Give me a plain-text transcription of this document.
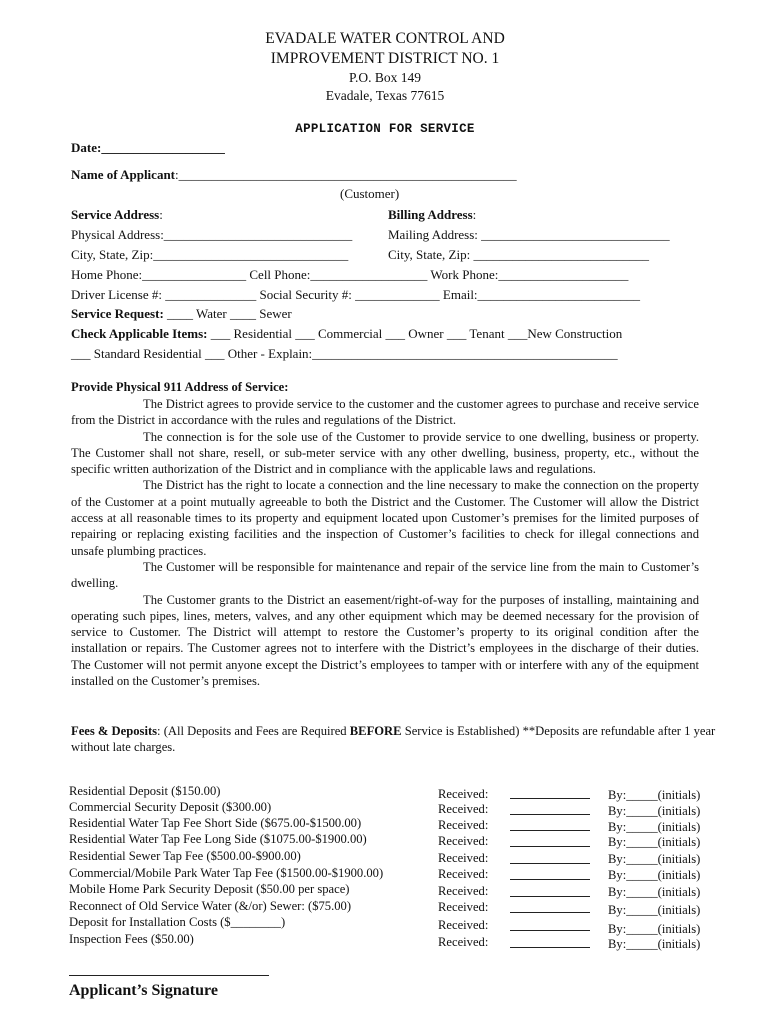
EVADALE WATER CONTROL AND
IMPROVEMENT DISTRICT NO. 1
P.O. Box 149
Evadale, Texas 77615
APPLICATION FOR SERVICE
Date:___________________
Name of Applicant:____________________________________________________
(Customer)
Service Address:	Billing Address:
Physical Address:_____________________________	Mailing Address: _____________________________
City, State, Zip:______________________________	City, State, Zip: ___________________________
Home Phone:________________ Cell Phone:__________________ Work Phone:____________________
Driver License #: ______________ Social Security #: _____________ Email:_________________________
Service Request: ____ Water ____ Sewer
Check Applicable Items: ___ Residential ___ Commercial ___ Owner ___ Tenant ___New Construction
___ Standard Residential ___ Other - Explain:_______________________________________________
Provide Physical 911 Address of Service:

The District agrees to provide service to the customer and the customer agrees to purchase and receive service from the District in accordance with the rules and regulations of the District.

The connection is for the sole use of the Customer to provide service to one dwelling, business or property. The Customer shall not share, resell, or sub-meter service with any other dwelling, business, property, etc., without the specific written authorization of the District and in compliance with the applicable laws and regulations.

The District has the right to locate a connection and the line necessary to make the connection on the property of the Customer at a point mutually agreeable to both the District and the Customer. The Customer will allow the District access at all reasonable times to its property and equipment located upon Customer’s premises for the limited purposes of repairing or replacing existing facilities and the inspection of Customer’s facilities to check for illegal connections and unsafe plumbing practices.

The Customer will be responsible for maintenance and repair of the service line from the main to Customer’s dwelling.

The Customer grants to the District an easement/right-of-way for the purposes of installing, maintaining and operating such pipes, lines, meters, valves, and any other equipment which may be deemed necessary for the provision of service to Customer. The District will attempt to restore the Customer’s property to its original condition after the installation or repairs. The Customer agrees not to interfere with the District’s employees in the discharge of their duties. The Customer will not permit anyone except the District’s employees to tamper with or interfere with any of the equipment installed on the Customer’s premises.

Fees & Deposits: (All Deposits and Fees are Required BEFORE Service is Established) **Deposits are refundable after 1 year without late charges.
Residential Deposit ($150.00)	Received:	By:_____(initials)
Commercial Security Deposit ($300.00)	Received:	By:_____(initials)
Residential Water Tap Fee Short Side ($675.00-$1500.00)	Received:	By:_____(initials)
Residential Water Tap Fee Long Side ($1075.00-$1900.00)	Received:	By:_____(initials)
Residential Sewer Tap Fee ($500.00-$900.00)	Received:	By:_____(initials)
Commercial/Mobile Park Water Tap Fee ($1500.00-$1900.00)	Received:	By:_____(initials)
Mobile Home Park Security Deposit ($50.00 per space)	Received:	By:_____(initials)
Reconnect of Old Service Water (&/or) Sewer: ($75.00)	Received:	By:_____(initials)
Deposit for Installation Costs ($________)	Received:	By:_____(initials)
Inspection Fees ($50.00)	Received:	By:_____(initials)
Applicant’s Signature
